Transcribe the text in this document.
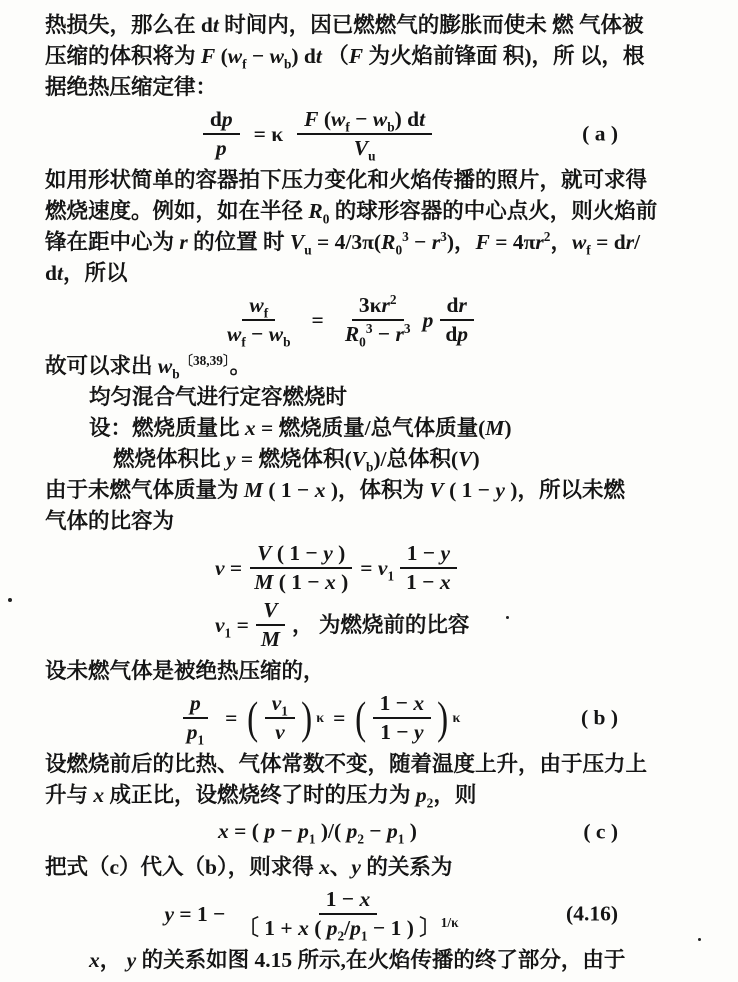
热损失，那么在 dt 时间内，因已燃燃气的膨胀而使未 燃 气体被

压缩的体积将为 F $(w_f - w_b)$ dt （F 为火焰前锋面 积)，所 以，根

据绝热压缩定律：

$\frac{dp}{p} = \kappa \frac{F (w_f - w_b) dt}{V_u}$	( a )

如用形状简单的容器拍下压力变化和火焰传播的照片，就可求得

燃烧速度。例如，如在半径 $R_0$ 的球形容器的中心点火，则火焰前

锋在距中心为 r 的位置 时 $V_u = 4/3\pi(R_0^3 - r^3)$，$F = 4\pi r^2$，$w_f = dr/$

dt，所以

$\frac{w_f}{w_f - w_b} = \frac{3\kappa r^2}{R_0^3 - r^3}$ p $\frac{dr}{dp}$

故可以求出 $w_b^{〔38,39〕}$。

均匀混合气进行定容燃烧时

设：燃烧质量比 x = 燃烧质量/总气体质量(M)

燃烧体积比 y = 燃烧体积$(V_b)/$总体积(V)

由于未燃气体质量为 M ( 1 − x )，体积为 V ( 1 − y )，所以未燃

气体的比容为

$v = \frac{V ( 1 - y )}{M ( 1 - x )} = v_1 \frac{1 - y}{1 - x}$
$v_1 = \frac{V}{M}$ ， 为燃烧前的比容

设未燃气体是被绝热压缩的，

$\frac{p}{p_1}$ = ( $\frac{v_1}{v}$ ) κ = ( $\frac{1 - x}{1 - y}$ ) κ	( b )

设燃烧前后的比热、气体常数不变，随着温度上升，由于压力上

升与 x 成正比，设燃烧终了时的压力为 $p_2$，则

x = ( $p - p_1$ )/( $p_2 - p_1$ )	( c )

把式（c）代入（b），则求得 x、y 的关系为

$y = 1 - \frac{1 - x}{〔 1 + x ( p_2/p_1 - 1 ) 〕^{1/\kappa}}$	(4.16)

x， y 的关系如图 4.15 所示,在火焰传播的终了部分，由于
